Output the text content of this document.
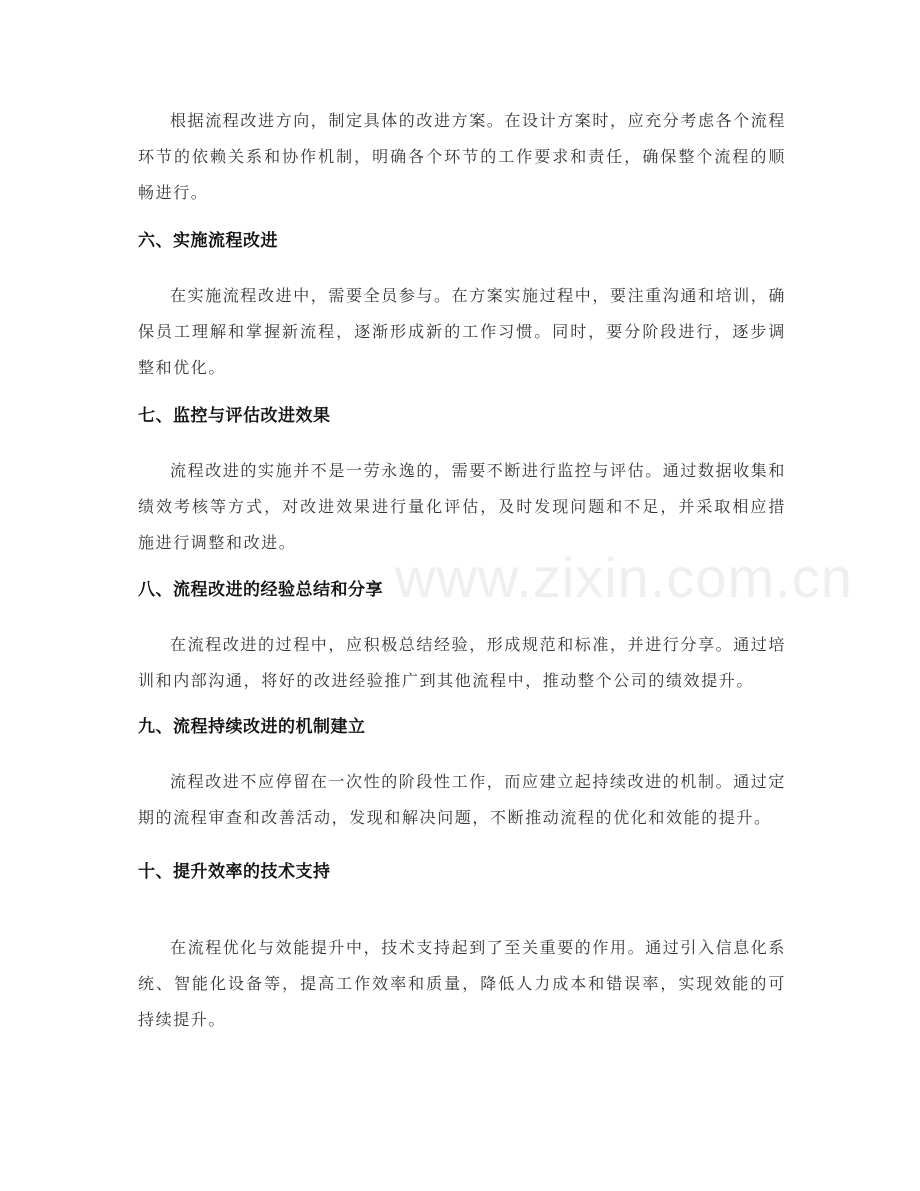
根据流程改进方向，制定具体的改进方案。在设计方案时，应充分考虑各个流程环节的依赖关系和协作机制，明确各个环节的工作要求和责任，确保整个流程的顺畅进行。

六、实施流程改进

在实施流程改进中，需要全员参与。在方案实施过程中，要注重沟通和培训，确保员工理解和掌握新流程，逐渐形成新的工作习惯。同时，要分阶段进行，逐步调整和优化。

七、监控与评估改进效果

流程改进的实施并不是一劳永逸的，需要不断进行监控与评估。通过数据收集和绩效考核等方式，对改进效果进行量化评估，及时发现问题和不足，并采取相应措施进行调整和改进。

八、流程改进的经验总结和分享

在流程改进的过程中，应积极总结经验，形成规范和标准，并进行分享。通过培训和内部沟通，将好的改进经验推广到其他流程中，推动整个公司的绩效提升。

九、流程持续改进的机制建立

流程改进不应停留在一次性的阶段性工作，而应建立起持续改进的机制。通过定期的流程审查和改善活动，发现和解决问题，不断推动流程的优化和效能的提升。

十、提升效率的技术支持

在流程优化与效能提升中，技术支持起到了至关重要的作用。通过引入信息化系统、智能化设备等，提高工作效率和质量，降低人力成本和错误率，实现效能的可持续提升。

www.zixin.com.cn
